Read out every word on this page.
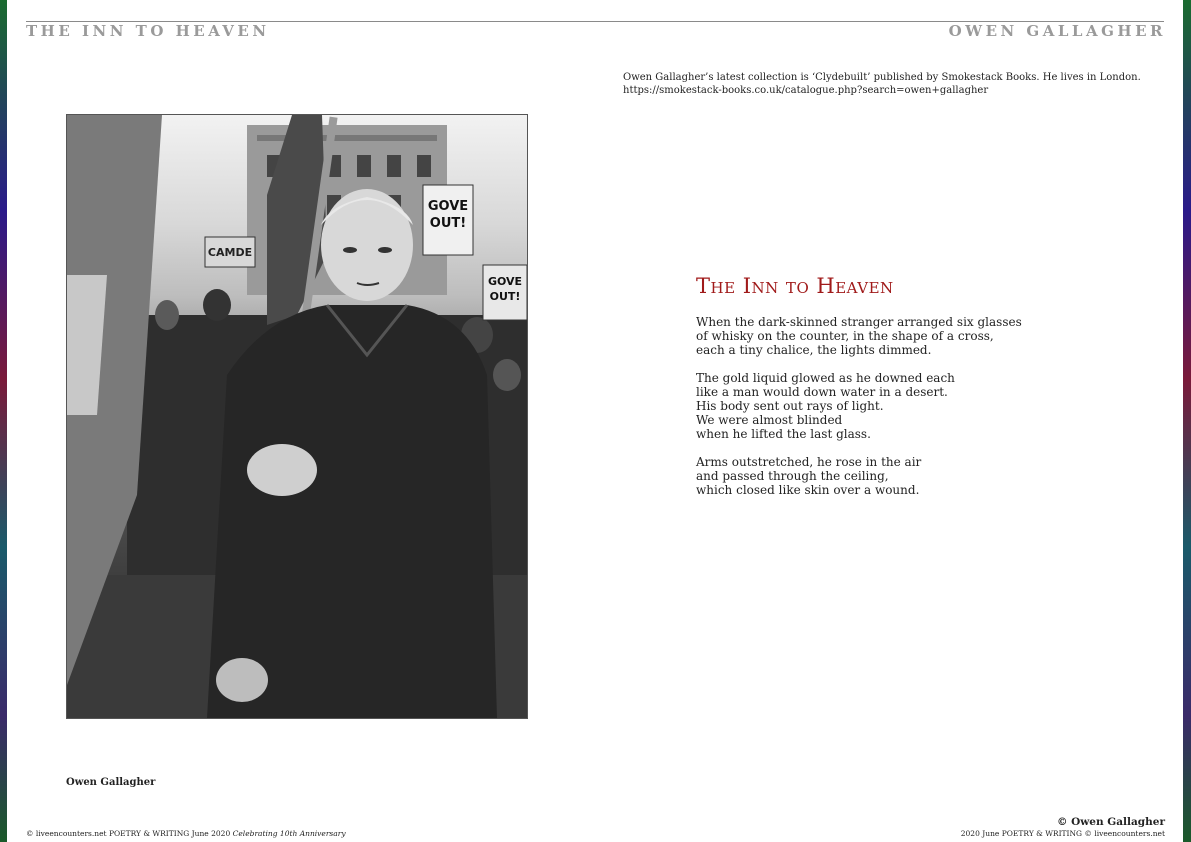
THE INN TO HEAVEN	OWEN GALLAGHER
Owen Gallagher’s latest collection is ‘Clydebuilt’ published by Smokestack Books. He lives in London.
https://smokestack-books.co.uk/catalogue.php?search=owen+gallagher
GOVE
OUT!
GOVE
OUT!
CAMDE
Owen Gallagher
The Inn to Heaven
When the dark-skinned stranger arranged six glasses
of whisky on the counter, in the shape of a cross,
each a tiny chalice, the lights dimmed.
The gold liquid glowed as he downed each
like a man would down water in a desert.
His body sent out rays of light.
We were almost blinded
when he lifted the last glass.
Arms outstretched, he rose in the air
and passed through the ceiling,
which closed like skin over a wound.
© liveencounters.net POETRY & WRITING June 2020 Celebrating 10th Anniversary
© Owen Gallagher
2020 June POETRY & WRITING © liveencounters.net
